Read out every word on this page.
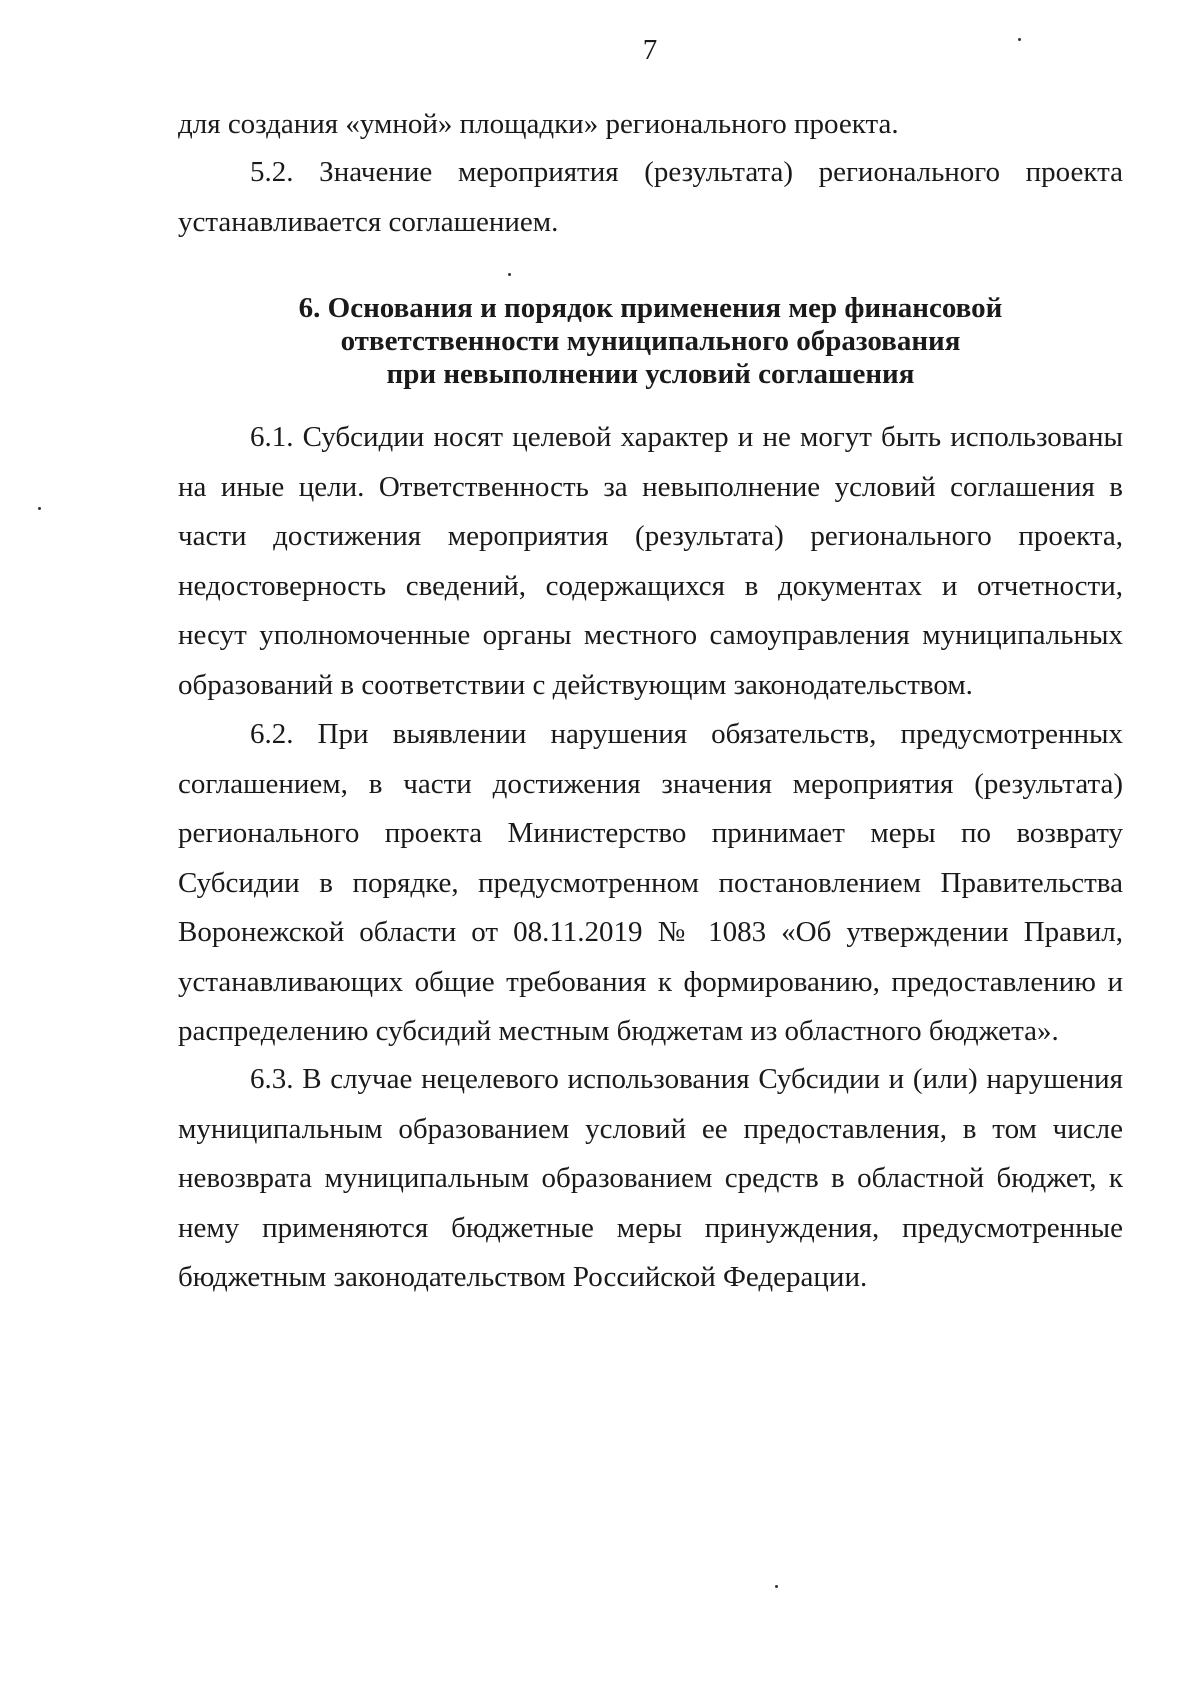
7

для создания «умной» площадки» регионального проекта.

5.2. Значение мероприятия (результата) регионального проекта устанавливается соглашением.

6. Основания и порядок применения мер финансовой
ответственности муниципального образования
при невыполнении условий соглашения

6.1. Субсидии носят целевой характер и не могут быть использованы на иные цели. Ответственность за невыполнение условий соглашения в части достижения мероприятия (результата) регионального проекта, недостоверность сведений, содержащихся в документах и отчетности, несут уполномоченные органы местного самоуправления муниципальных образований в соответствии с действующим законодательством.

6.2. При выявлении нарушения обязательств, предусмотренных соглашением, в части достижения значения мероприятия (результата) регионального проекта Министерство принимает меры по возврату Субсидии в порядке, предусмотренном постановлением Правительства Воронежской области от 08.11.2019 № 1083 «Об утверждении Правил, устанавливающих общие требования к формированию, предоставлению и распределению субсидий местным бюджетам из областного бюджета».

6.3. В случае нецелевого использования Субсидии и (или) нарушения муниципальным образованием условий ее предоставления, в том числе невозврата муниципальным образованием средств в областной бюджет, к нему применяются бюджетные меры принуждения, предусмотренные бюджетным законодательством Российской Федерации.
